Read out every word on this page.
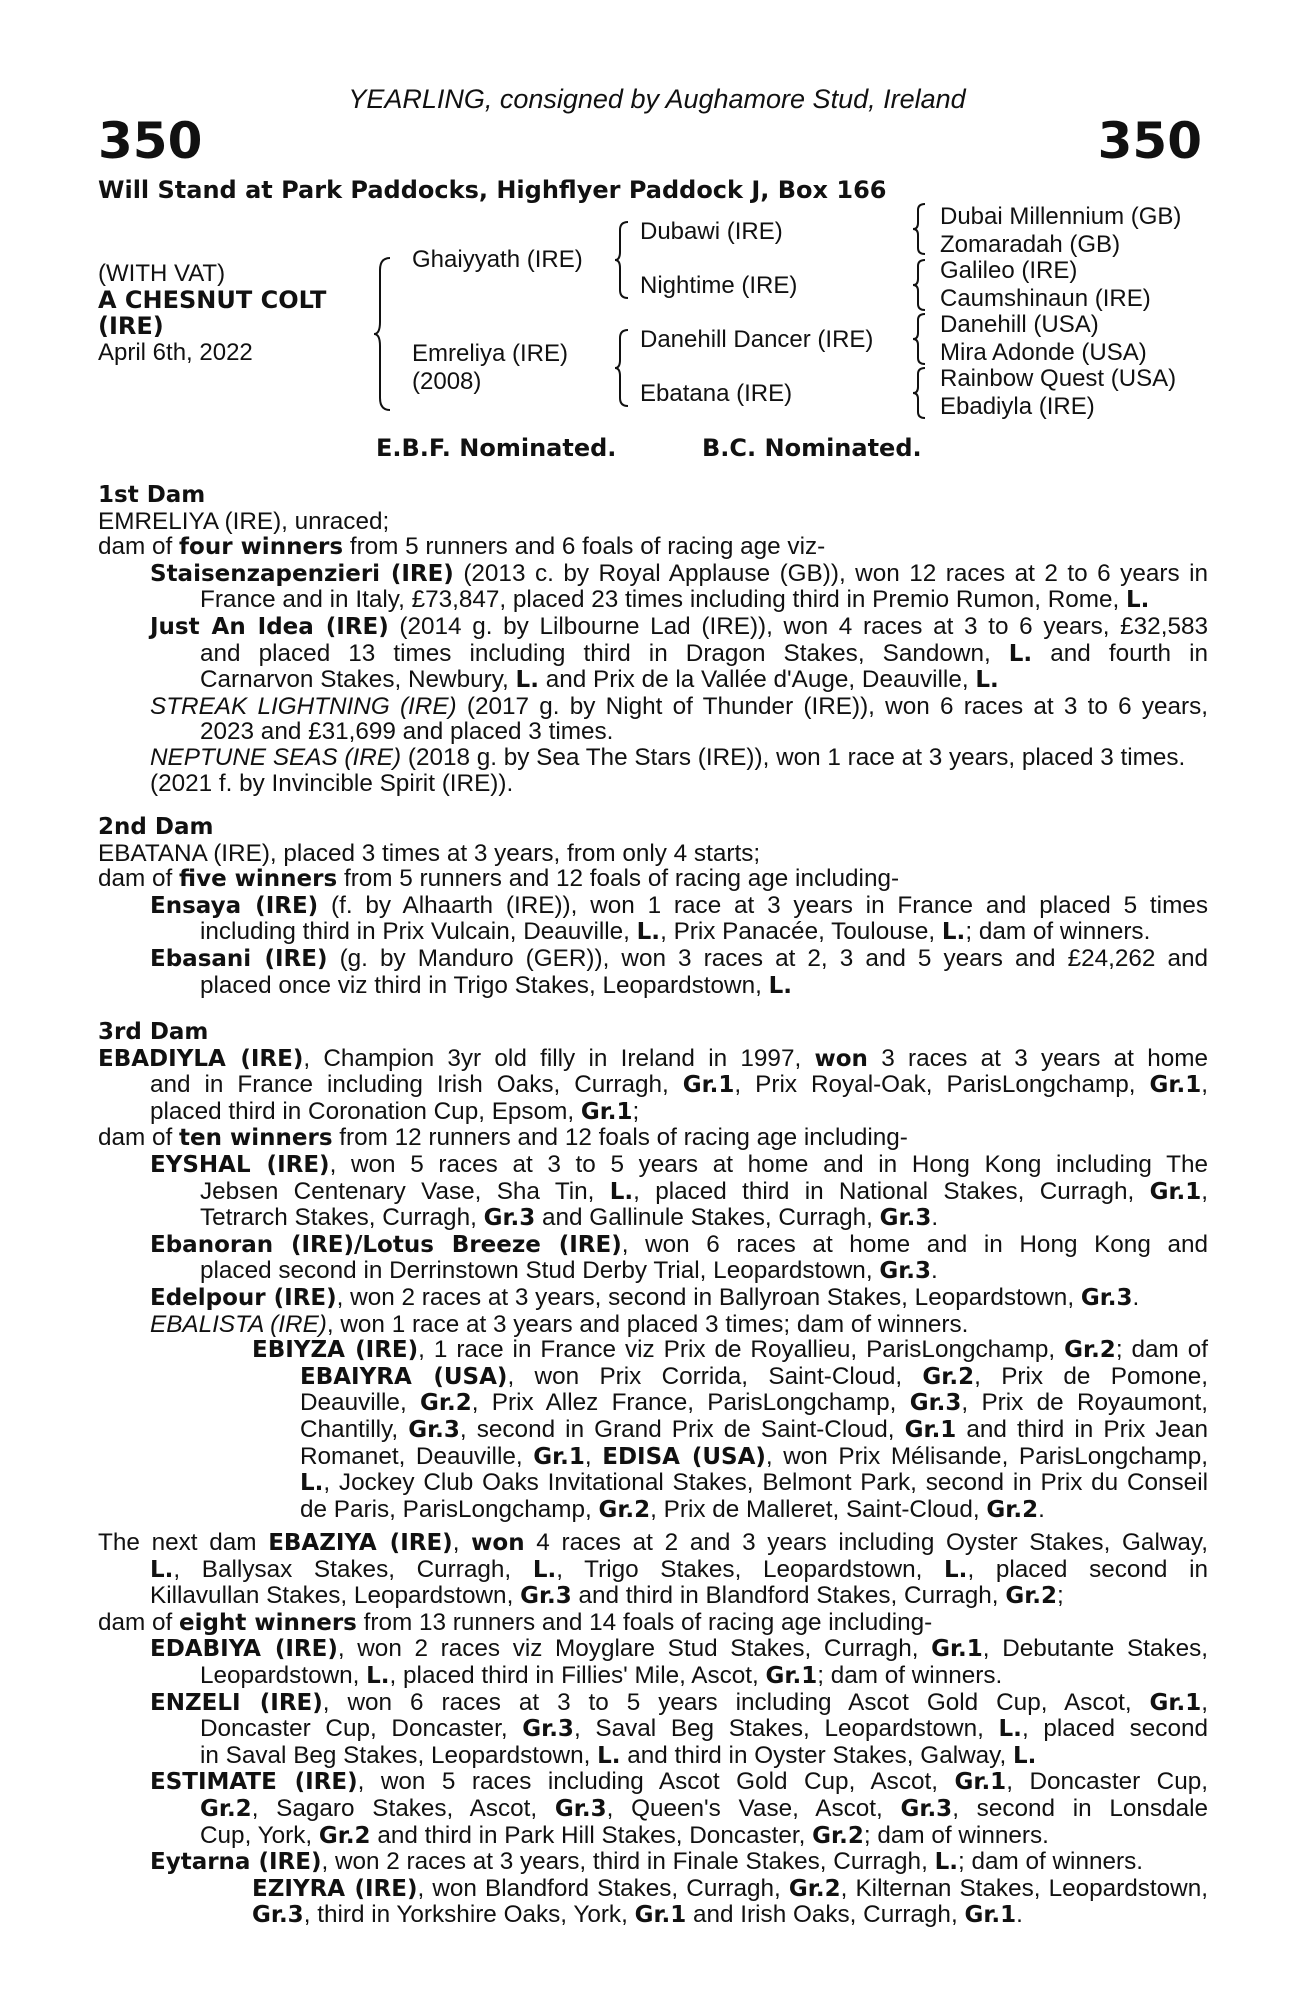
YEARLING, consigned by Aughamore Stud, Ireland
350	350
Will Stand at Park Paddocks, Highflyer Paddock J, Box 166
(WITH VAT)
A CHESNUT COLT
(IRE)
April 6th, 2022
Ghaiyyath (IRE)
Emreliya (IRE)
(2008)
Dubawi (IRE)
Nightime (IRE)
Danehill Dancer (IRE)
Ebatana (IRE)
Dubai Millennium (GB)
Zomaradah (GB)
Galileo (IRE)
Caumshinaun (IRE)
Danehill (USA)
Mira Adonde (USA)
Rainbow Quest (USA)
Ebadiyla (IRE)
E.B.F. Nominated.	B.C. Nominated.
1st Dam
EMRELIYA (IRE), unraced;
dam of four winners from 5 runners and 6 foals of racing age viz-
Staisenzapenzieri (IRE) (2013 c. by Royal Applause (GB)), won 12 races at 2 to 6 years in
France and in Italy, £73,847, placed 23 times including third in Premio Rumon, Rome, L.
Just An Idea (IRE) (2014 g. by Lilbourne Lad (IRE)), won 4 races at 3 to 6 years, £32,583
and placed 13 times including third in Dragon Stakes, Sandown, L. and fourth in
Carnarvon Stakes, Newbury, L. and Prix de la Vallée d'Auge, Deauville, L.
STREAK LIGHTNING (IRE) (2017 g. by Night of Thunder (IRE)), won 6 races at 3 to 6 years,
2023 and £31,699 and placed 3 times.
NEPTUNE SEAS (IRE) (2018 g. by Sea The Stars (IRE)), won 1 race at 3 years, placed 3 times.
(2021 f. by Invincible Spirit (IRE)).
2nd Dam
EBATANA (IRE), placed 3 times at 3 years, from only 4 starts;
dam of five winners from 5 runners and 12 foals of racing age including-
Ensaya (IRE) (f. by Alhaarth (IRE)), won 1 race at 3 years in France and placed 5 times
including third in Prix Vulcain, Deauville, L., Prix Panacée, Toulouse, L.; dam of winners.
Ebasani (IRE) (g. by Manduro (GER)), won 3 races at 2, 3 and 5 years and £24,262 and
placed once viz third in Trigo Stakes, Leopardstown, L.
3rd Dam
EBADIYLA (IRE), Champion 3yr old filly in Ireland in 1997, won 3 races at 3 years at home
and in France including Irish Oaks, Curragh, Gr.1, Prix Royal-Oak, ParisLongchamp, Gr.1,
placed third in Coronation Cup, Epsom, Gr.1;
dam of ten winners from 12 runners and 12 foals of racing age including-
EYSHAL (IRE), won 5 races at 3 to 5 years at home and in Hong Kong including The
Jebsen Centenary Vase, Sha Tin, L., placed third in National Stakes, Curragh, Gr.1,
Tetrarch Stakes, Curragh, Gr.3 and Gallinule Stakes, Curragh, Gr.3.
Ebanoran (IRE)/Lotus Breeze (IRE), won 6 races at home and in Hong Kong and
placed second in Derrinstown Stud Derby Trial, Leopardstown, Gr.3.
Edelpour (IRE), won 2 races at 3 years, second in Ballyroan Stakes, Leopardstown, Gr.3.
EBALISTA (IRE), won 1 race at 3 years and placed 3 times; dam of winners.
EBIYZA (IRE), 1 race in France viz Prix de Royallieu, ParisLongchamp, Gr.2; dam of
EBAIYRA (USA), won Prix Corrida, Saint-Cloud, Gr.2, Prix de Pomone,
Deauville, Gr.2, Prix Allez France, ParisLongchamp, Gr.3, Prix de Royaumont,
Chantilly, Gr.3, second in Grand Prix de Saint-Cloud, Gr.1 and third in Prix Jean
Romanet, Deauville, Gr.1, EDISA (USA), won Prix Mélisande, ParisLongchamp,
L., Jockey Club Oaks Invitational Stakes, Belmont Park, second in Prix du Conseil
de Paris, ParisLongchamp, Gr.2, Prix de Malleret, Saint-Cloud, Gr.2.
The next dam EBAZIYA (IRE), won 4 races at 2 and 3 years including Oyster Stakes, Galway,
L., Ballysax Stakes, Curragh, L., Trigo Stakes, Leopardstown, L., placed second in
Killavullan Stakes, Leopardstown, Gr.3 and third in Blandford Stakes, Curragh, Gr.2;
dam of eight winners from 13 runners and 14 foals of racing age including-
EDABIYA (IRE), won 2 races viz Moyglare Stud Stakes, Curragh, Gr.1, Debutante Stakes,
Leopardstown, L., placed third in Fillies' Mile, Ascot, Gr.1; dam of winners.
ENZELI (IRE), won 6 races at 3 to 5 years including Ascot Gold Cup, Ascot, Gr.1,
Doncaster Cup, Doncaster, Gr.3, Saval Beg Stakes, Leopardstown, L., placed second
in Saval Beg Stakes, Leopardstown, L. and third in Oyster Stakes, Galway, L.
ESTIMATE (IRE), won 5 races including Ascot Gold Cup, Ascot, Gr.1, Doncaster Cup,
Gr.2, Sagaro Stakes, Ascot, Gr.3, Queen's Vase, Ascot, Gr.3, second in Lonsdale
Cup, York, Gr.2 and third in Park Hill Stakes, Doncaster, Gr.2; dam of winners.
Eytarna (IRE), won 2 races at 3 years, third in Finale Stakes, Curragh, L.; dam of winners.
EZIYRA (IRE), won Blandford Stakes, Curragh, Gr.2, Kilternan Stakes, Leopardstown,
Gr.3, third in Yorkshire Oaks, York, Gr.1 and Irish Oaks, Curragh, Gr.1.
